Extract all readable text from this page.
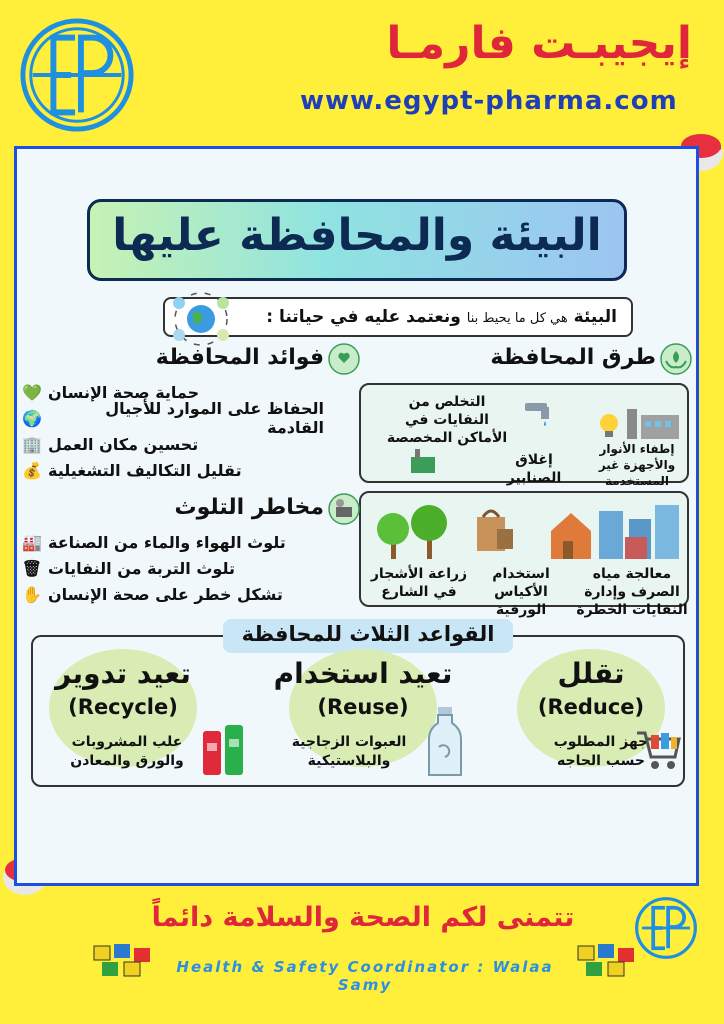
إيجيبـت فارمـا
www.egypt-pharma.com
البيئة والمحافظة عليها
البيئة هي كل ما يحيط بنا ونعتمد عليه في حياتنا :
طرق المحافظة
التخلص من النفايات في الأماكن المخصصة
إغلاق الصنابير
إطفاء الأنوار والأجهزة غير المستخدمة
زراعة الأشجار في الشارع
استخدام الأكياس الورقية
معالجة مياه الصرف وإدارة النفايات الخطرة
فوائد المحافظة
حماية صحة الإنسان
💚
الحفاظ على الموارد للأجيال القادمة
🌍
تحسين مكان العمل
🏢
تقليل التكاليف التشغيلية
💰
مخاطر التلوث
تلوث الهواء والماء من الصناعة
🏭
تلوث التربة من النفايات
🗑
تشكل خطر على صحة الإنسان
✋
القواعد الثلاث للمحافظة
تقلل
(Reduce)
جهز المطلوب
حسب الحاجه
تعيد استخدام
(Reuse)
العبوات الزجاجية
والبلاستيكية
تعيد تدوير
(Recycle)
علب المشروبات
والورق والمعادن
تتمنى لكم الصحة والسلامة دائماً
Health & Safety Coordinator : Walaa Samy
